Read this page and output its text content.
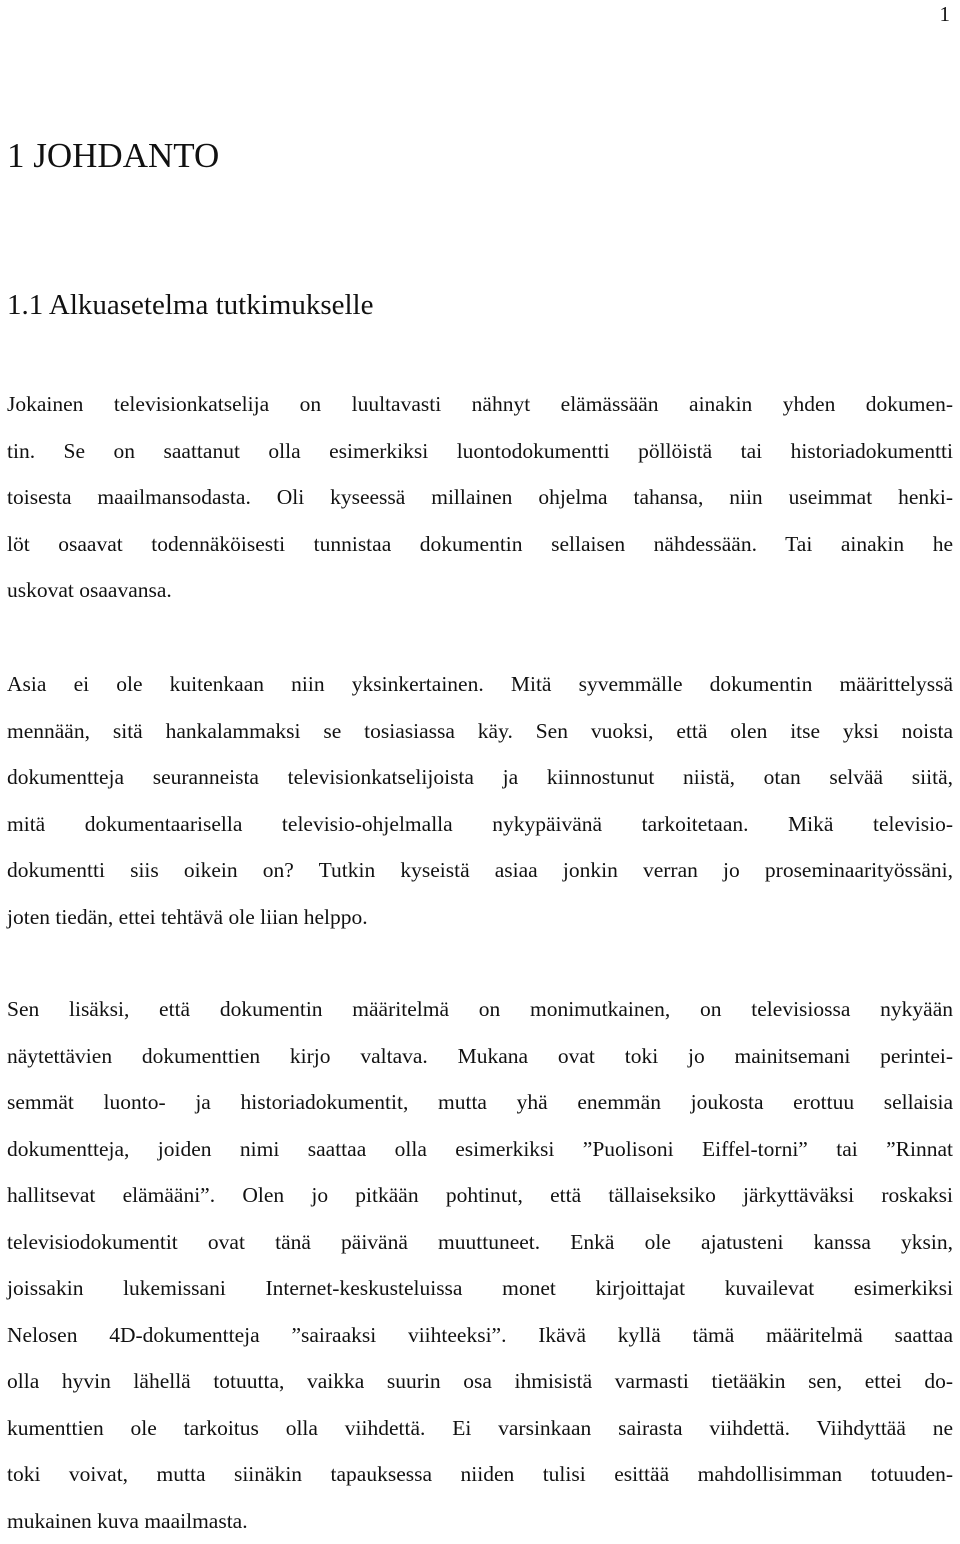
1
1 JOHDANTO
1.1 Alkuasetelma tutkimukselle
Jokainen televisionkatselija on luultavasti nähnyt elämässään ainakin yhden dokumen-
tin. Se on saattanut olla esimerkiksi luontodokumentti pöllöistä tai historiadokumentti
toisesta maailmansodasta. Oli kyseessä millainen ohjelma tahansa, niin useimmat henki-
löt osaavat todennäköisesti tunnistaa dokumentin sellaisen nähdessään. Tai ainakin he
uskovat osaavansa.
Asia ei ole kuitenkaan niin yksinkertainen. Mitä syvemmälle dokumentin määrittelyssä
mennään, sitä hankalammaksi se tosiasiassa käy. Sen vuoksi, että olen itse yksi noista
dokumentteja seuranneista televisionkatselijoista ja kiinnostunut niistä, otan selvää siitä,
mitä dokumentaarisella televisio-ohjelmalla nykypäivänä tarkoitetaan. Mikä televisio-
dokumentti siis oikein on? Tutkin kyseistä asiaa jonkin verran jo proseminaarityössäni,
joten tiedän, ettei tehtävä ole liian helppo.
Sen lisäksi, että dokumentin määritelmä on monimutkainen, on televisiossa nykyään
näytettävien dokumenttien kirjo valtava. Mukana ovat toki jo mainitsemani perintei-
semmät luonto- ja historiadokumentit, mutta yhä enemmän joukosta erottuu sellaisia
dokumentteja, joiden nimi saattaa olla esimerkiksi ”Puolisoni Eiffel-torni” tai ”Rinnat
hallitsevat elämääni”. Olen jo pitkään pohtinut, että tällaiseksiko järkyttäväksi roskaksi
televisiodokumentit ovat tänä päivänä muuttuneet. Enkä ole ajatusteni kanssa yksin,
joissakin lukemissani Internet-keskusteluissa monet kirjoittajat kuvailevat esimerkiksi
Nelosen 4D-dokumentteja ”sairaaksi viihteeksi”. Ikävä kyllä tämä määritelmä saattaa
olla hyvin lähellä totuutta, vaikka suurin osa ihmisistä varmasti tietääkin sen, ettei do-
kumenttien ole tarkoitus olla viihdettä. Ei varsinkaan sairasta viihdettä. Viihdyttää ne
toki voivat, mutta siinäkin tapauksessa niiden tulisi esittää mahdollisimman totuuden-
mukainen kuva maailmasta.
